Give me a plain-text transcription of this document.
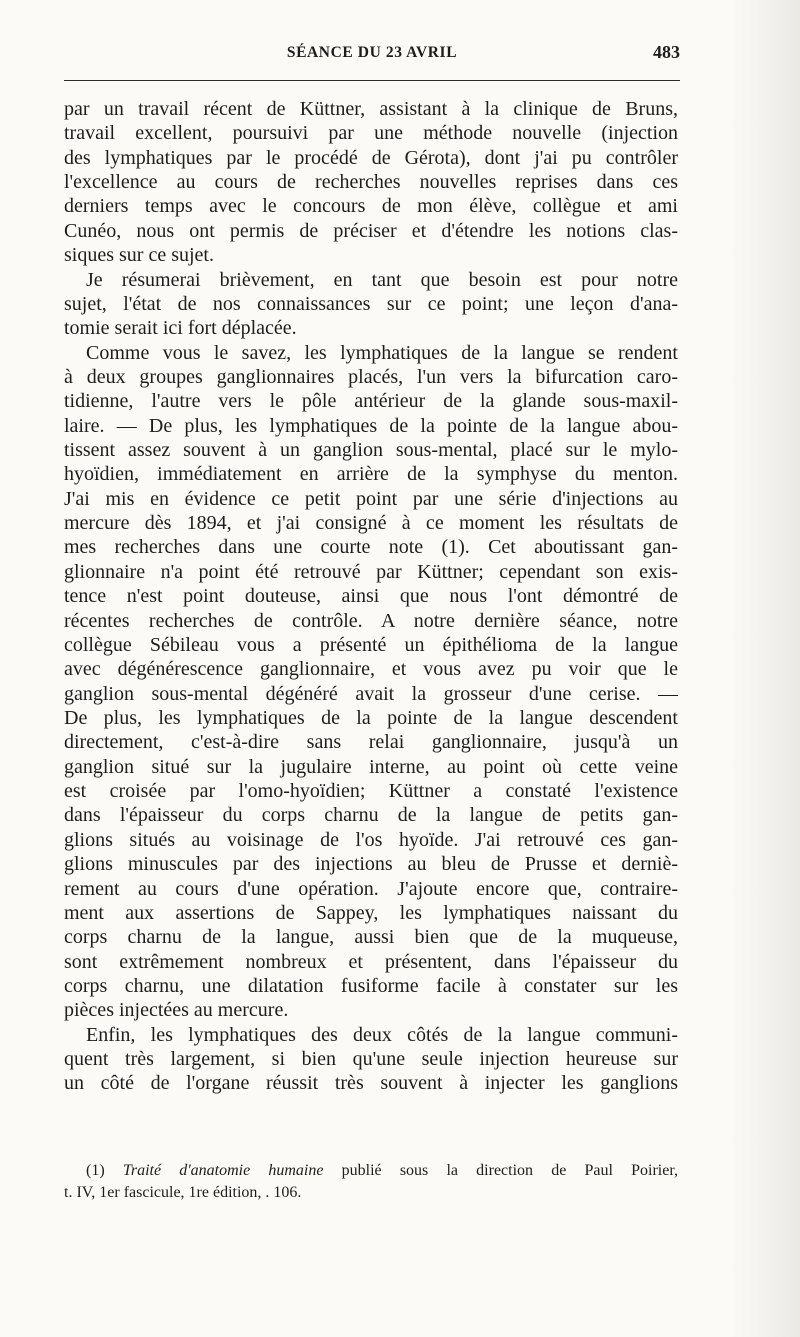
SÉANCE DU 23 AVRIL	483
par un travail récent de Küttner, assistant à la clinique de Bruns,
travail excellent, poursuivi par une méthode nouvelle (injection
des lymphatiques par le procédé de Gérota), dont j'ai pu contrôler
l'excellence au cours de recherches nouvelles reprises dans ces
derniers temps avec le concours de mon élève, collègue et ami
Cunéo, nous ont permis de préciser et d'étendre les notions clas-
siques sur ce sujet.
Je résumerai brièvement, en tant que besoin est pour notre
sujet, l'état de nos connaissances sur ce point; une leçon d'ana-
tomie serait ici fort déplacée.
Comme vous le savez, les lymphatiques de la langue se rendent
à deux groupes ganglionnaires placés, l'un vers la bifurcation caro-
tidienne, l'autre vers le pôle antérieur de la glande sous-maxil-
laire. — De plus, les lymphatiques de la pointe de la langue abou-
tissent assez souvent à un ganglion sous-mental, placé sur le mylo-
hyoïdien, immédiatement en arrière de la symphyse du menton.
J'ai mis en évidence ce petit point par une série d'injections au
mercure dès 1894, et j'ai consigné à ce moment les résultats de
mes recherches dans une courte note (1). Cet aboutissant gan-
glionnaire n'a point été retrouvé par Küttner; cependant son exis-
tence n'est point douteuse, ainsi que nous l'ont démontré de
récentes recherches de contrôle. A notre dernière séance, notre
collègue Sébileau vous a présenté un épithélioma de la langue
avec dégénérescence ganglionnaire, et vous avez pu voir que le
ganglion sous-mental dégénéré avait la grosseur d'une cerise. —
De plus, les lymphatiques de la pointe de la langue descendent
directement, c'est-à-dire sans relai ganglionnaire, jusqu'à un
ganglion situé sur la jugulaire interne, au point où cette veine
est croisée par l'omo-hyoïdien; Küttner a constaté l'existence
dans l'épaisseur du corps charnu de la langue de petits gan-
glions situés au voisinage de l'os hyoïde. J'ai retrouvé ces gan-
glions minuscules par des injections au bleu de Prusse et derniè-
rement au cours d'une opération. J'ajoute encore que, contraire-
ment aux assertions de Sappey, les lymphatiques naissant du
corps charnu de la langue, aussi bien que de la muqueuse,
sont extrêmement nombreux et présentent, dans l'épaisseur du
corps charnu, une dilatation fusiforme facile à constater sur les
pièces injectées au mercure.
Enfin, les lymphatiques des deux côtés de la langue communi-
quent très largement, si bien qu'une seule injection heureuse sur
un côté de l'organe réussit très souvent à injecter les ganglions
(1) Traité d'anatomie humaine publié sous la direction de Paul Poirier,
t. IV, 1er fascicule, 1re édition, . 106.
